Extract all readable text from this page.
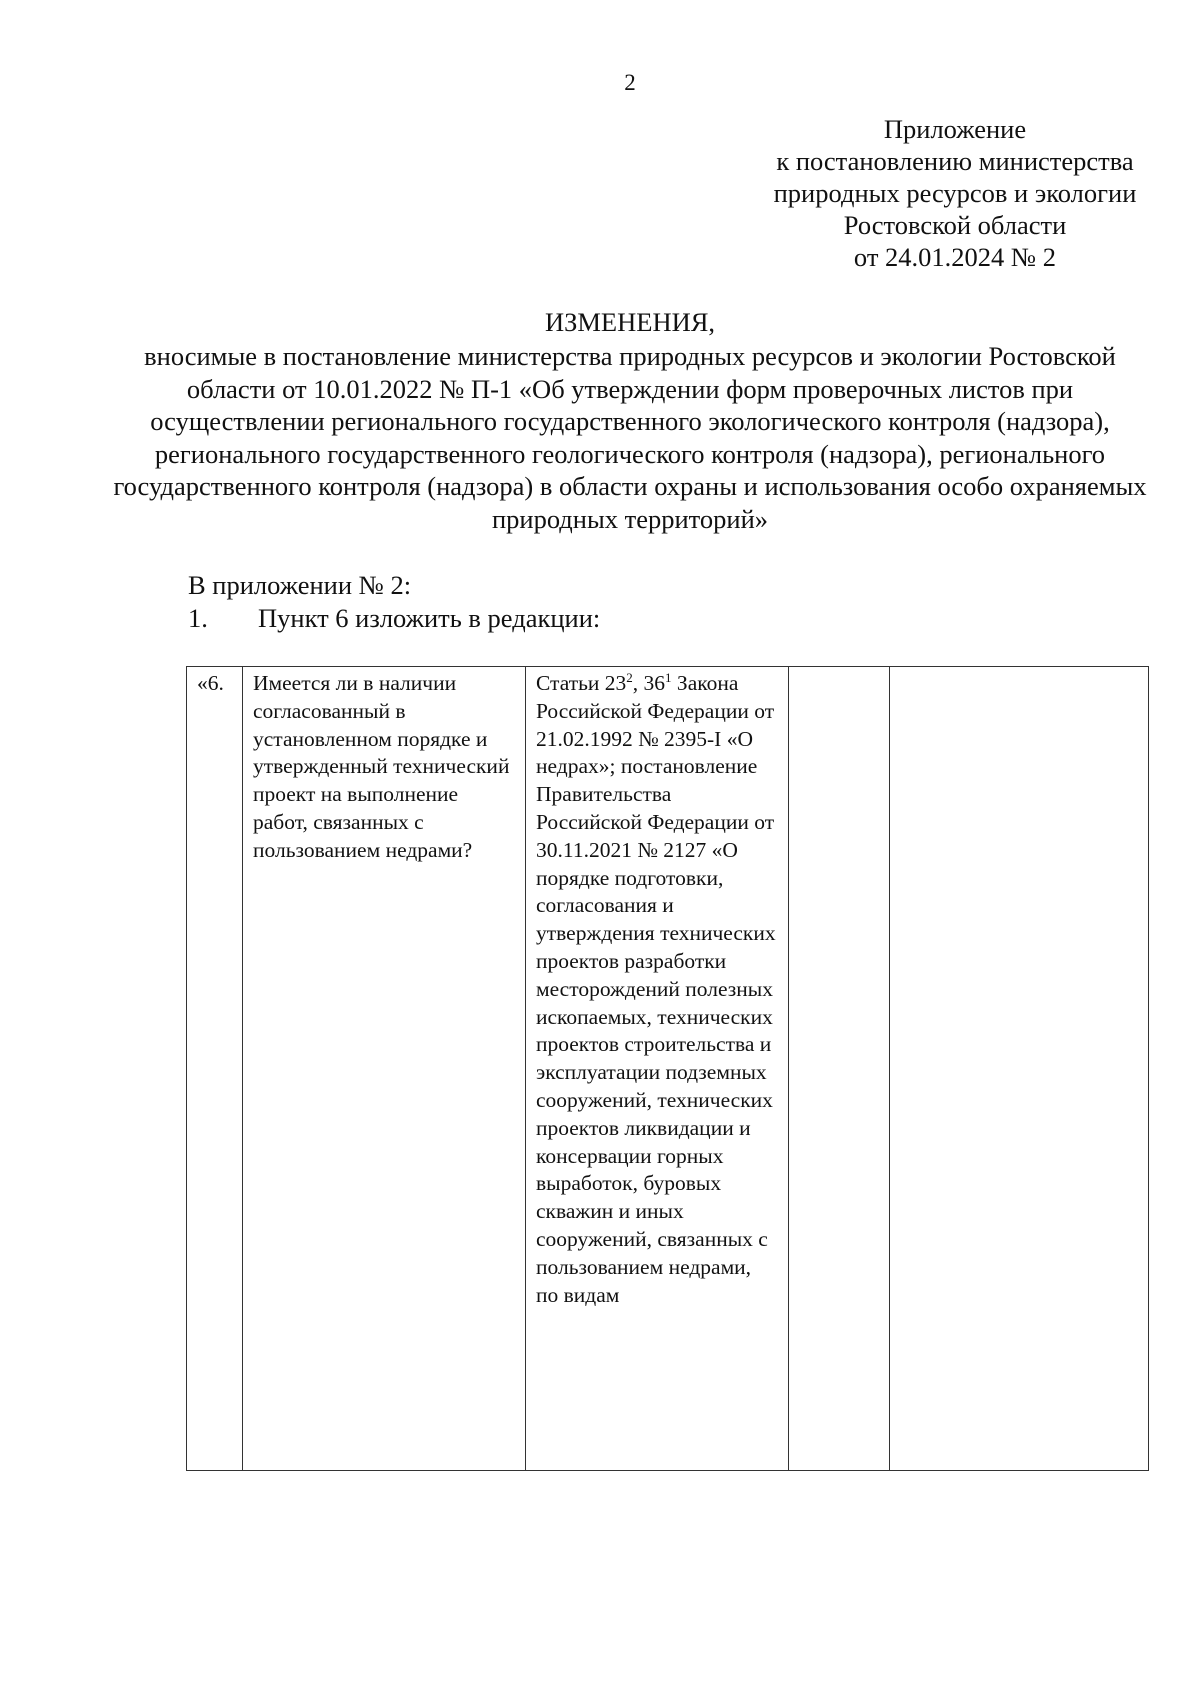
2
Приложение
к постановлению министерства
природных ресурсов и экологии
Ростовской области
от 24.01.2024 № 2
ИЗМЕНЕНИЯ,
вносимые в постановление министерства природных ресурсов и экологии Ростовской области от 10.01.2022 № П-1 «Об утверждении форм проверочных листов при осуществлении регионального государственного экологического контроля (надзора), регионального государственного геологического контроля (надзора), регионального государственного контроля (надзора) в области охраны и использования особо охраняемых природных территорий»
В приложении № 2:
1. Пункт 6 изложить в редакции:
«6.	Имеется ли в наличии согласованный в установленном порядке и утвержденный технический проект на выполнение работ, связанных с пользованием недрами?	Статьи $23^2$, $36^1$ Закона Российской Федерации от 21.02.1992 № 2395-I «О недрах»; постановление Правительства Российской Федерации от 30.11.2021 № 2127 «О порядке подготовки, согласования и утверждения технических проектов разработки месторождений полезных ископаемых, технических проектов строительства и эксплуатации подземных сооружений, технических проектов ликвидации и консервации горных выработок, буровых скважин и иных сооружений, связанных с пользованием недрами, по видам		
